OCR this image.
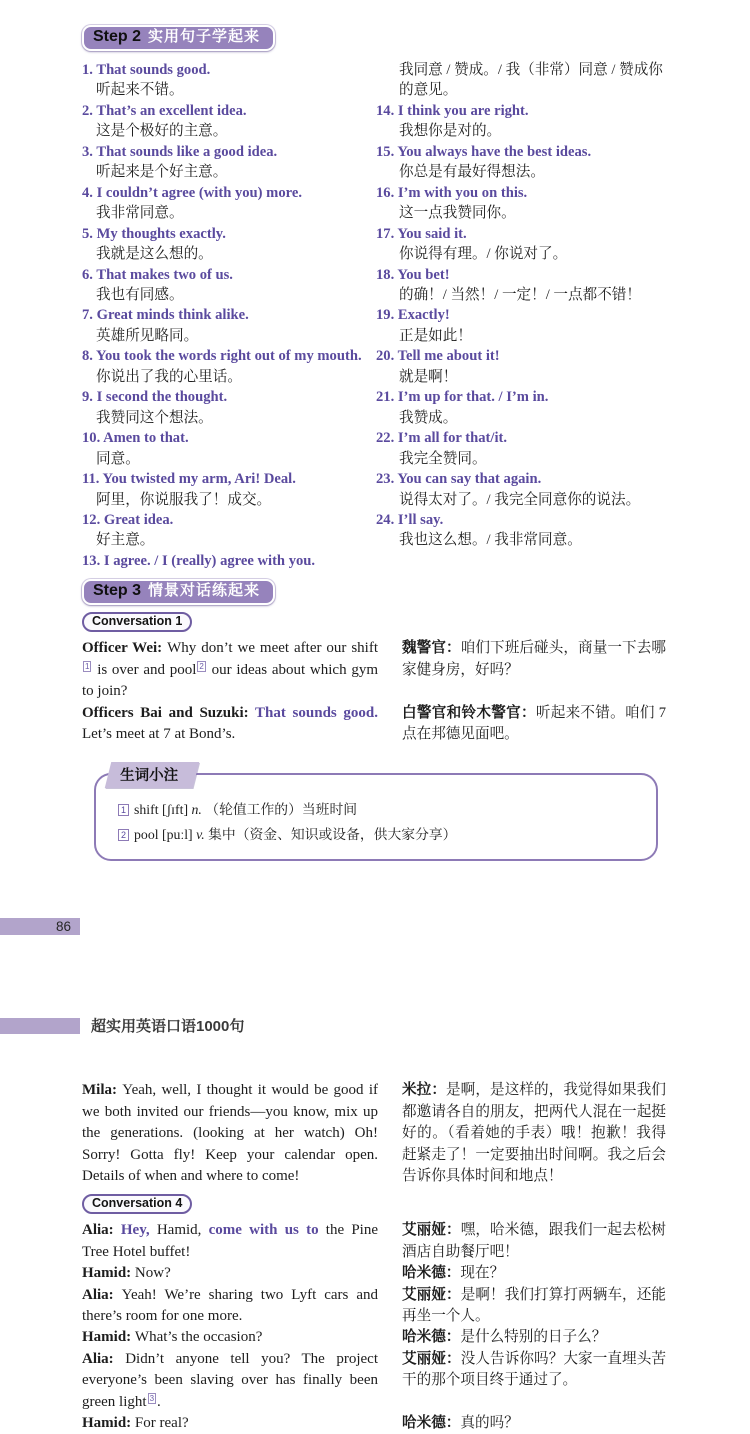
Step 2 实用句子学起来
1. That sounds good.
听起来不错。
2. That’s an excellent idea.
这是个极好的主意。
3. That sounds like a good idea.
听起来是个好主意。
4. I couldn’t agree (with you) more.
我非常同意。
5. My thoughts exactly.
我就是这么想的。
6. That makes two of us.
我也有同感。
7. Great minds think alike.
英雄所见略同。
8. You took the words right out of my mouth.
你说出了我的心里话。
9. I second the thought.
我赞同这个想法。
10. Amen to that.
同意。
11. You twisted my arm, Ari! Deal.
阿里，你说服我了！成交。
12. Great idea.
好主意。
13. I agree. / I (really) agree with you.
我同意 / 赞成。/ 我（非常）同意 / 赞成你的意见。
14. I think you are right.
我想你是对的。
15. You always have the best ideas.
你总是有最好得想法。
16. I’m with you on this.
这一点我赞同你。
17. You said it.
你说得有理。/ 你说对了。
18. You bet!
的确！/ 当然！/ 一定！/ 一点都不错！
19. Exactly!
正是如此！
20. Tell me about it!
就是啊！
21. I’m up for that. / I’m in.
我赞成。
22. I’m all for that/it.
我完全赞同。
23. You can say that again.
说得太对了。/ 我完全同意你的说法。
24. I’ll say.
我也这么想。/ 我非常同意。
Step 3 情景对话练起来
Conversation 1
Officer Wei: Why don’t we meet after our shift1 is over and pool 2 our ideas about which gym to join?
魏警官：咱们下班后碰头，商量一下去哪家健身房，好吗？
Officers Bai and Suzuki: That sounds good. Let’s meet at 7 at Bond’s.
白警官和铃木警官：听起来不错。咱们 7 点在邦德见面吧。
生词小注
1 shift [ʃɪft] n. （轮值工作的）当班时间
2 pool [puːl] v. 集中（资金、知识或设备，供大家分享）
86
超实用英语口语1000句
Mila: Yeah, well, I thought it would be good if we both invited our friends—you know, mix up the generations. (looking at her watch) Oh! Sorry! Gotta fly! Keep your calendar open. Details of when and where to come!
米拉：是啊，是这样的，我觉得如果我们都邀请各自的朋友，把两代人混在一起挺好的。（看着她的手表）哦！抱歉！我得赶紧走了！一定要抽出时间啊。我之后会告诉你具体时间和地点！
Conversation 4
Alia: Hey, Hamid, come with us to the Pine Tree Hotel buffet!
艾丽娅：嘿，哈米德，跟我们一起去松树酒店自助餐厅吧！
Hamid: Now?	哈米德：现在？
Alia: Yeah! We’re sharing two Lyft cars and there’s room for one more.
艾丽娅：是啊！我们打算打两辆车，还能再坐一个人。
Hamid: What’s the occasion?	哈米德：是什么特别的日子么？
Alia: Didn’t anyone tell you? The project everyone’s been slaving over has finally been green light 3 .
艾丽娅：没人告诉你吗？大家一直埋头苦干的那个项目终于通过了。
Hamid: For real?	哈米德：真的吗？
